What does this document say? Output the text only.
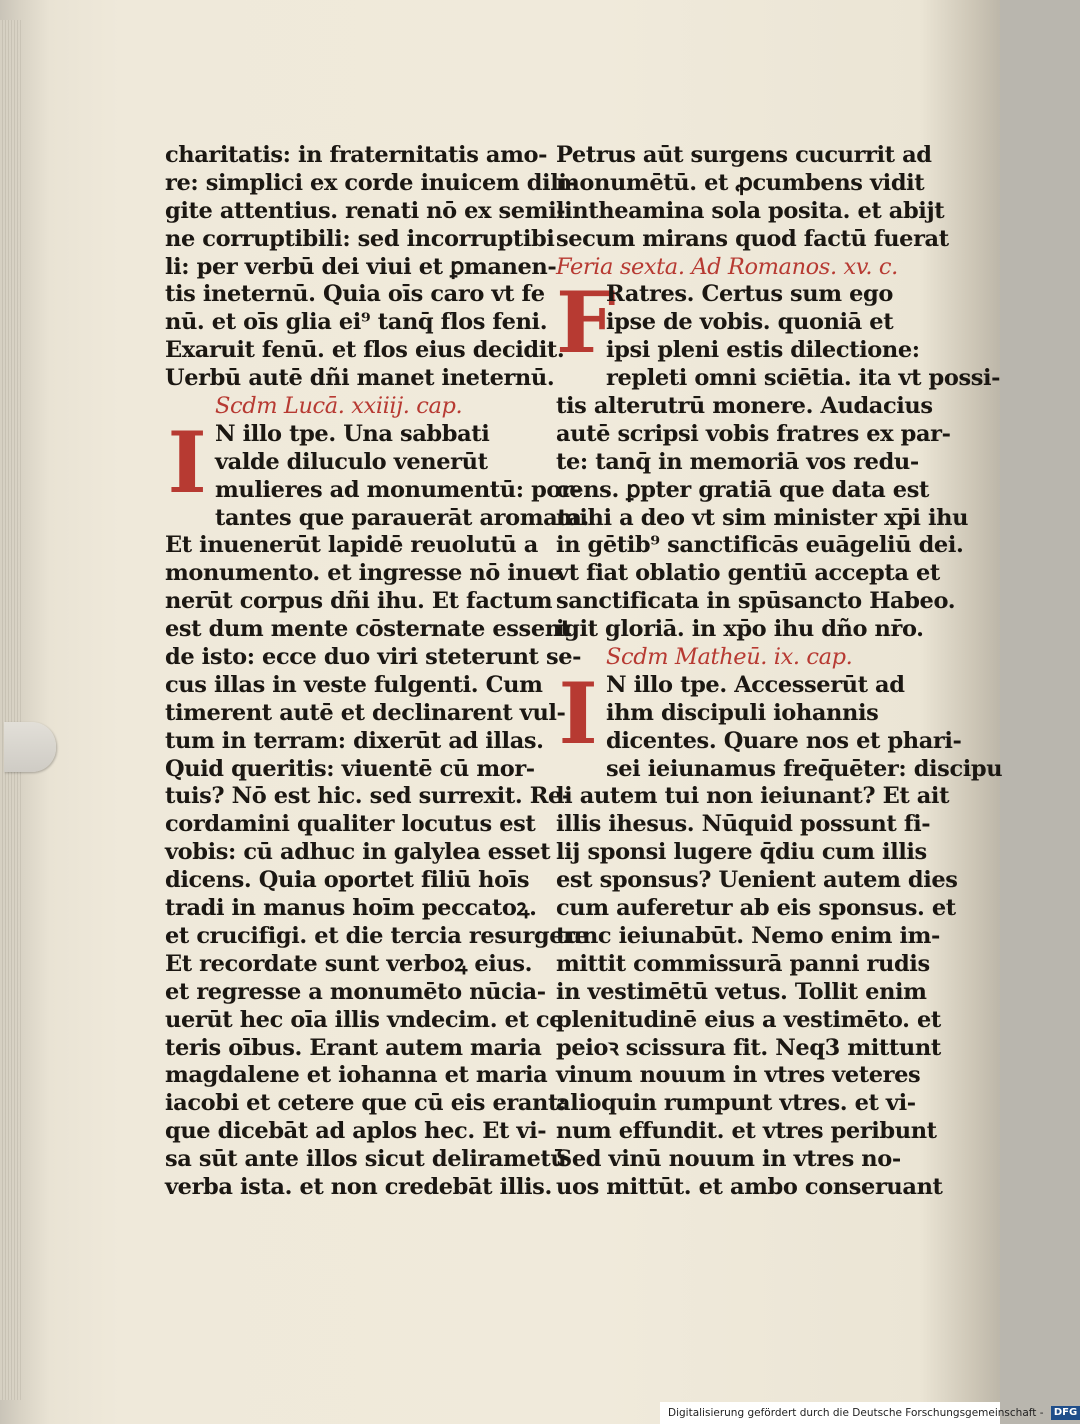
charitatis: in fraternitatis amo-
re: simplici ex corde inuicem dili-
gite attentius. renati nō ex semi-
ne corruptibili: sed incorruptibi
li: per verbū dei viui et ꝑmanen-
tis ineternū. Quia oīs caro vt fe
nū. et oīs glia ei⁹ tanq̄ flos feni.
Exaruit fenū. et flos eius decidit.
Uerbū autē dñi manet ineternū.
Scdm Lucā. xxiiij. cap.
I N illo tpe. Una sabbati
valde diluculo venerūt
mulieres ad monumentū: por-
tantes que parauerāt aromata.
Et inuenerūt lapidē reuolutū a
monumento. et ingresse nō inue
nerūt corpus dñi ihu. Et factum
est dum mente cōsternate essent
de isto: ecce duo viri steterunt se-
cus illas in veste fulgenti. Cum
timerent autē et declinarent vul-
tum in terram: dixerūt ad illas.
Quid queritis: viuentē cū mor-
tuis? Nō est hic. sed surrexit. Re-
cordamini qualiter locutus est
vobis: cū adhuc in galylea esset
dicens. Quia oportet filiū hoīs
tradi in manus hoīm peccatoꝝ.
et crucifigi. et die tercia resurgere
Et recordate sunt verboꝝ eius.
et regresse a monumēto nūcia-
uerūt hec oīa illis vndecim. et ce
teris oībus. Erant autem maria
magdalene et iohanna et maria
iacobi et cetere que cū eis erant:
que dicebāt ad aplos hec. Et vi-
sa sūt ante illos sicut delirametū
verba ista. et non credebāt illis.
Petrus aūt surgens cucurrit ad
monumētū. et ꝓcumbens vidit
lintheamina sola posita. et abijt
secum mirans quod factū fuerat
Feria sexta. Ad Romanos. xv. c.
F
Ratres. Certus sum ego
ipse de vobis. quoniā et
ipsi pleni estis dilectione:
repleti omni sciētia. ita vt possi-
tis alterutrū monere. Audacius
autē scripsi vobis fratres ex par-
te: tanq̄ in memoriā vos redu-
cens. ꝑpter gratiā que data est
mihi a deo vt sim minister xp̄i ihu
in gētib⁹ sanctificās euāgeliū dei.
vt fiat oblatio gentiū accepta et
sanctificata in spūsancto Habeo.
igit gloriā. in xp̄o ihu dño nr̄o.
Scdm Matheū. ix. cap.
I N illo tpe. Accesserūt ad
ihm discipuli iohannis
dicentes. Quare nos et phari-
sei ieiunamus freq̄uēter: discipu
li autem tui non ieiunant? Et ait
illis ihesus. Nūquid possunt fi-
lij sponsi lugere q̄diu cum illis
est sponsus? Uenient autem dies
cum auferetur ab eis sponsus. et
tunc ieiunabūt. Nemo enim im-
mittit commissurā panni rudis
in vestimētū vetus. Tollit enim
plenitudinē eius a vestimēto. et
peioꝛ scissura fit. Neq3 mittunt
vinum nouum in vtres veteres
alioquin rumpunt vtres. et vi-
num effundit. et vtres peribunt
Sed vinū nouum in vtres no-
uos mittūt. et ambo conseruant
Digitalisierung gefördert durch die Deutsche Forschungsgemeinschaft - DFG
